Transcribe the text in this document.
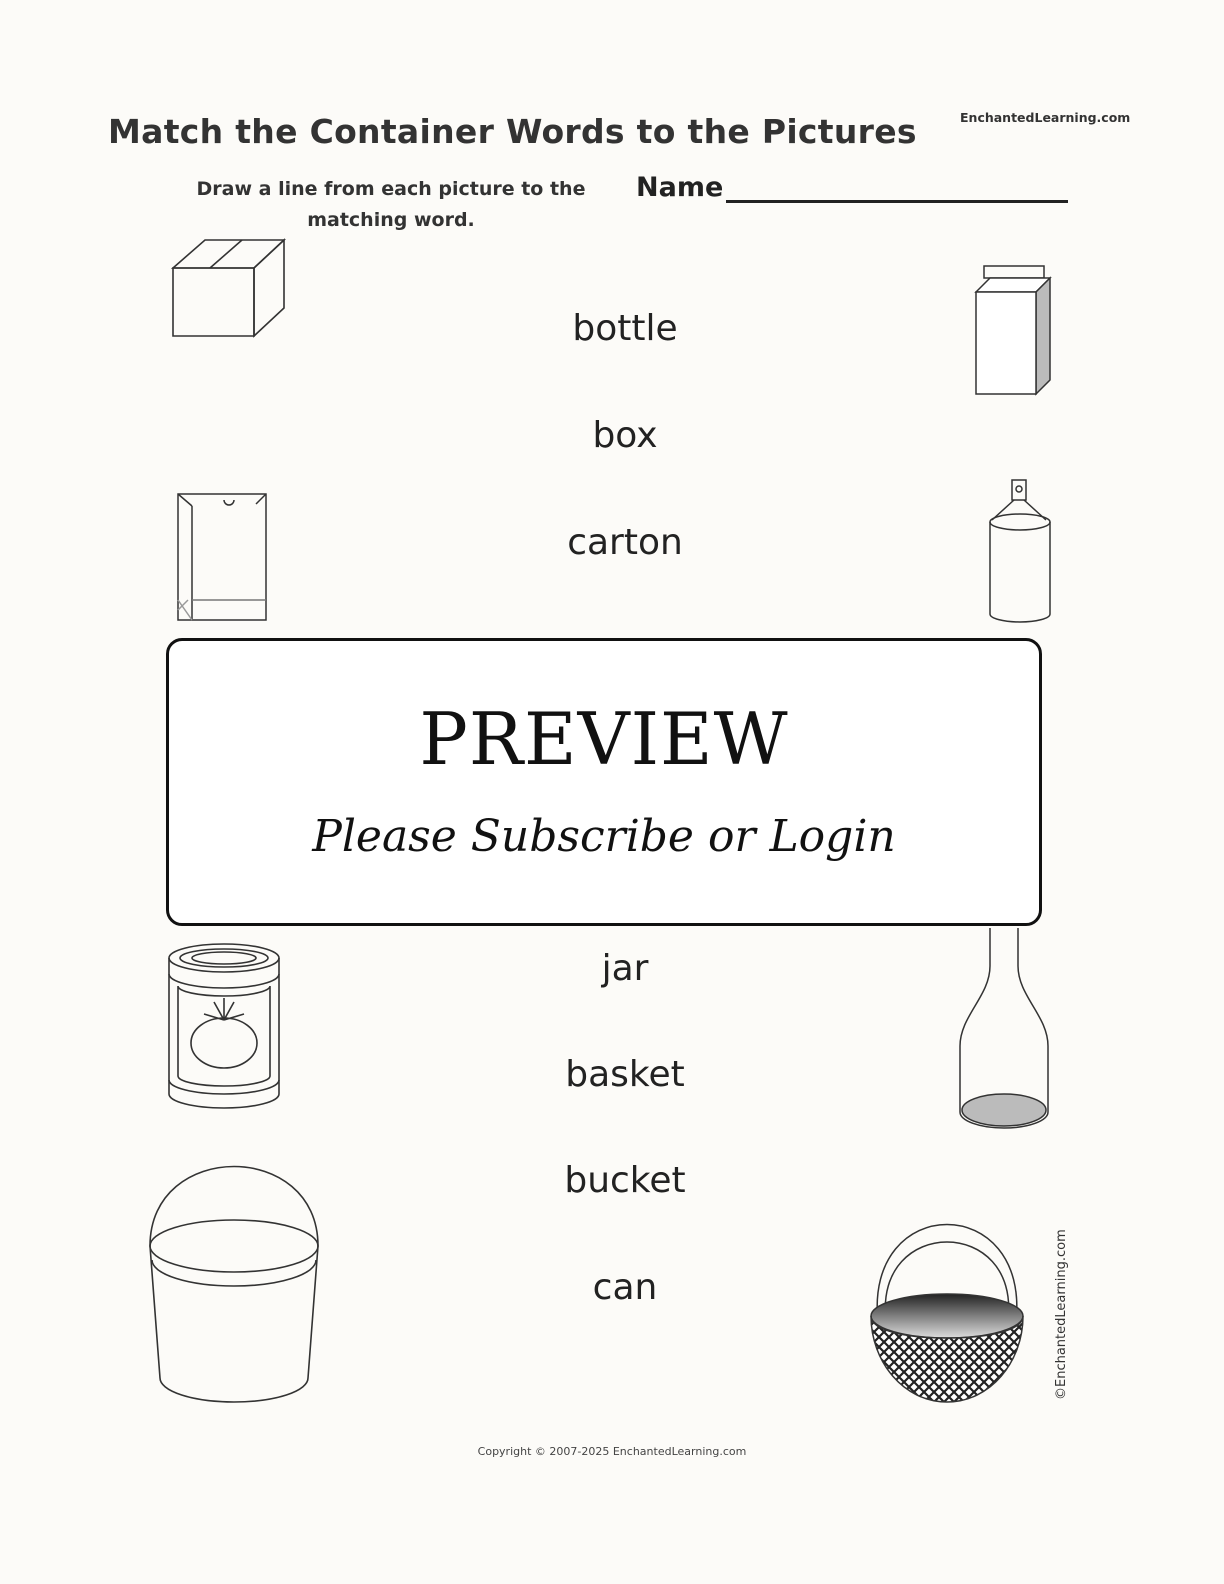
Match the Container Words to the Pictures	EnchantedLearning.com
Draw a line from each picture to the matching word.
Name
bottle
box
carton
jar
basket
bucket
can
PREVIEW
Please Subscribe or Login
©EnchantedLearning.com
Copyright © 2007-2025 EnchantedLearning.com
